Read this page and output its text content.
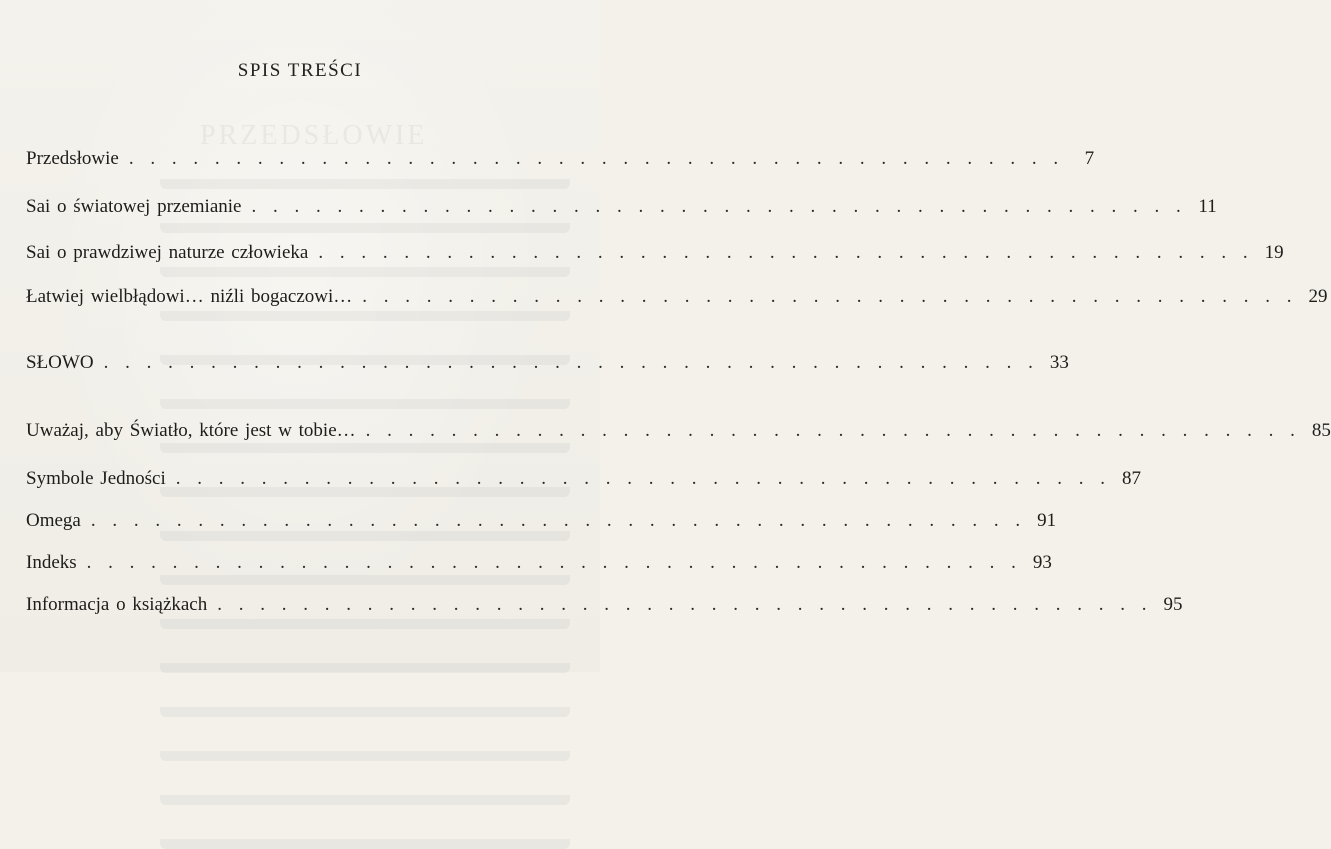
PRZEDSŁOWIE
SPIS TREŚCI
Przedsłowie . . . . . . . . . . . . . . . . . . . . . . . . . . . . . . . . . . . . . . . . . . . .	7
Sai o światowej przemianie . . . . . . . . . . . . . . . . . . . . . . . . . . . . . . . . . . . . . . . . . . . . 11
Sai o prawdziwej naturze człowieka . . . . . . . . . . . . . . . . . . . . . . . . . . . . . . . . . . . . . . . . . . . . 19
Łatwiej wielbłądowi… niźli bogaczowi… . . . . . . . . . . . . . . . . . . . . . . . . . . . . . . . . . . . . . . . . . . . . 29
SŁOWO . . . . . . . . . . . . . . . . . . . . . . . . . . . . . . . . . . . . . . . . . . . . 33
Uważaj, aby Światło, które jest w tobie… . . . . . . . . . . . . . . . . . . . . . . . . . . . . . . . . . . . . . . . . . . . . 85
Symbole Jedności . . . . . . . . . . . . . . . . . . . . . . . . . . . . . . . . . . . . . . . . . . . . 87
Omega . . . . . . . . . . . . . . . . . . . . . . . . . . . . . . . . . . . . . . . . . . . . 91
Indeks . . . . . . . . . . . . . . . . . . . . . . . . . . . . . . . . . . . . . . . . . . . . 93
Informacja o książkach . . . . . . . . . . . . . . . . . . . . . . . . . . . . . . . . . . . . . . . . . . . . 95
